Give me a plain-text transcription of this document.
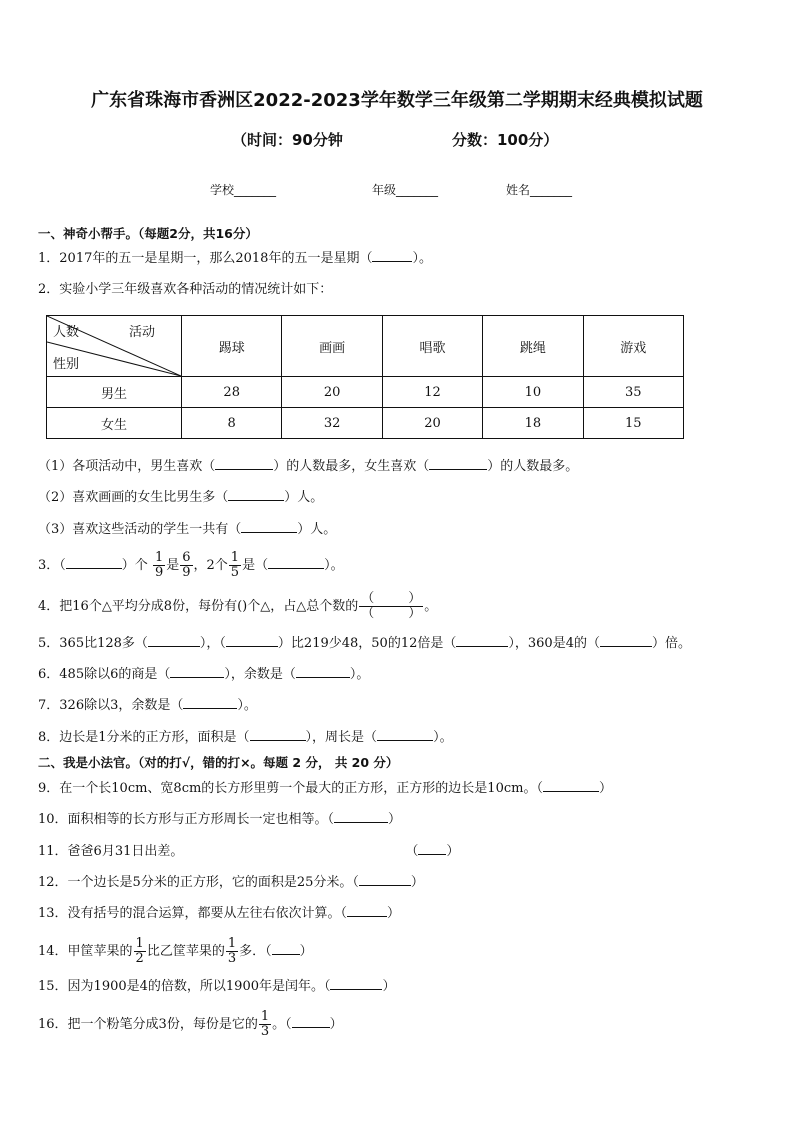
广东省珠海市香洲区2022-2023学年数学三年级第二学期期末经典模拟试题
（时间：90分钟	分数：100分）
学校_______	年级_______	姓名_______
一、神奇小帮手。（每题2分，共16分）
1．2017年的五一是星期一，那么2018年的五一是星期（	）。
2．实验小学三年级喜欢各种活动的情况统计如下：
人数 活动
性别	踢球	画画	唱歌	跳绳	游戏
男生	28	20	12	10	35
女生	8	32	20	18	15
（1）各项活动中，男生喜欢（	）的人数最多，女生喜欢（	）的人数最多。
（2）喜欢画画的女生比男生多（	）人。
（3）喜欢这些活动的学生一共有（	）人。
3．（	）个 $\frac{1}{9}$ 是 $\frac{6}{9}$ ，2个 $\frac{1}{5}$ 是（	）。
4．把16个△平均分成8份，每份有()个△，占△总个数的 （	）
（	） 。
5．365比128多（	），（	）比219少48，50的12倍是（	），360是4的（	）倍。
6．485除以6的商是（	），余数是（	）。
7．326除以3，余数是（	）。
8．边长是1分米的正方形，面积是（	），周长是（	）。
二、我是小法官。（对的打√，错的打×。每题 2 分， 共 20 分）
9．在一个长10cm、宽8cm的长方形里剪一个最大的正方形，正方形的边长是10cm。（	）
10．面积相等的长方形与正方形周长一定也相等。（	）
11．爸爸6月31日出差。	（ ）
12．一个边长是5分米的正方形，它的面积是25分米。（	）
13．没有括号的混合运算，都要从左往右依次计算。（	）
14．甲筐苹果的 $\frac{1}{2}$ 比乙筐苹果的 $\frac{1}{3}$ 多．（ ）
15．因为1900是4的倍数，所以1900年是闰年。（	）
16．把一个粉笔分成3份，每份是它的 $\frac{1}{3}$ 。（	）
